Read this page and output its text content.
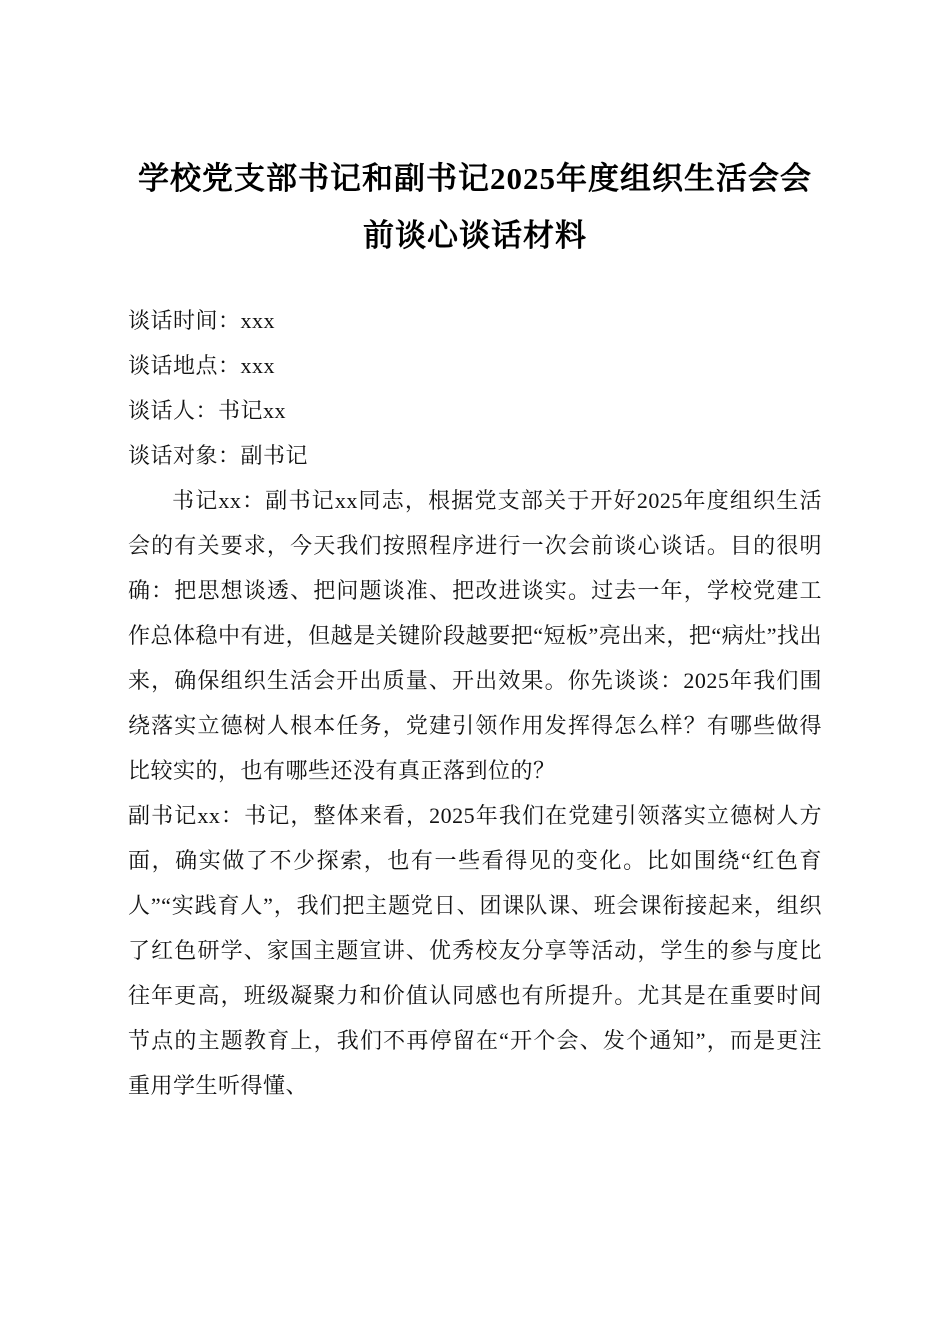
学校党支部书记和副书记2025年度组织生活会会前谈心谈话材料

谈话时间：xxx

谈话地点：xxx

谈话人：书记xx

谈话对象：副书记

书记xx：副书记xx同志，根据党支部关于开好2025年度组织生活会的有关要求，今天我们按照程序进行一次会前谈心谈话。目的很明确：把思想谈透、把问题谈准、把改进谈实。过去一年，学校党建工作总体稳中有进，但越是关键阶段越要把“短板”亮出来，把“病灶”找出来，确保组织生活会开出质量、开出效果。你先谈谈：2025年我们围绕落实立德树人根本任务，党建引领作用发挥得怎么样？有哪些做得比较实的，也有哪些还没有真正落到位的？

副书记xx：书记，整体来看，2025年我们在党建引领落实立德树人方面，确实做了不少探索，也有一些看得见的变化。比如围绕“红色育人”“实践育人”，我们把主题党日、团课队课、班会课衔接起来，组织了红色研学、家国主题宣讲、优秀校友分享等活动，学生的参与度比往年更高，班级凝聚力和价值认同感也有所提升。尤其是在重要时间节点的主题教育上，我们不再停留在“开个会、发个通知”，而是更注重用学生听得懂、
